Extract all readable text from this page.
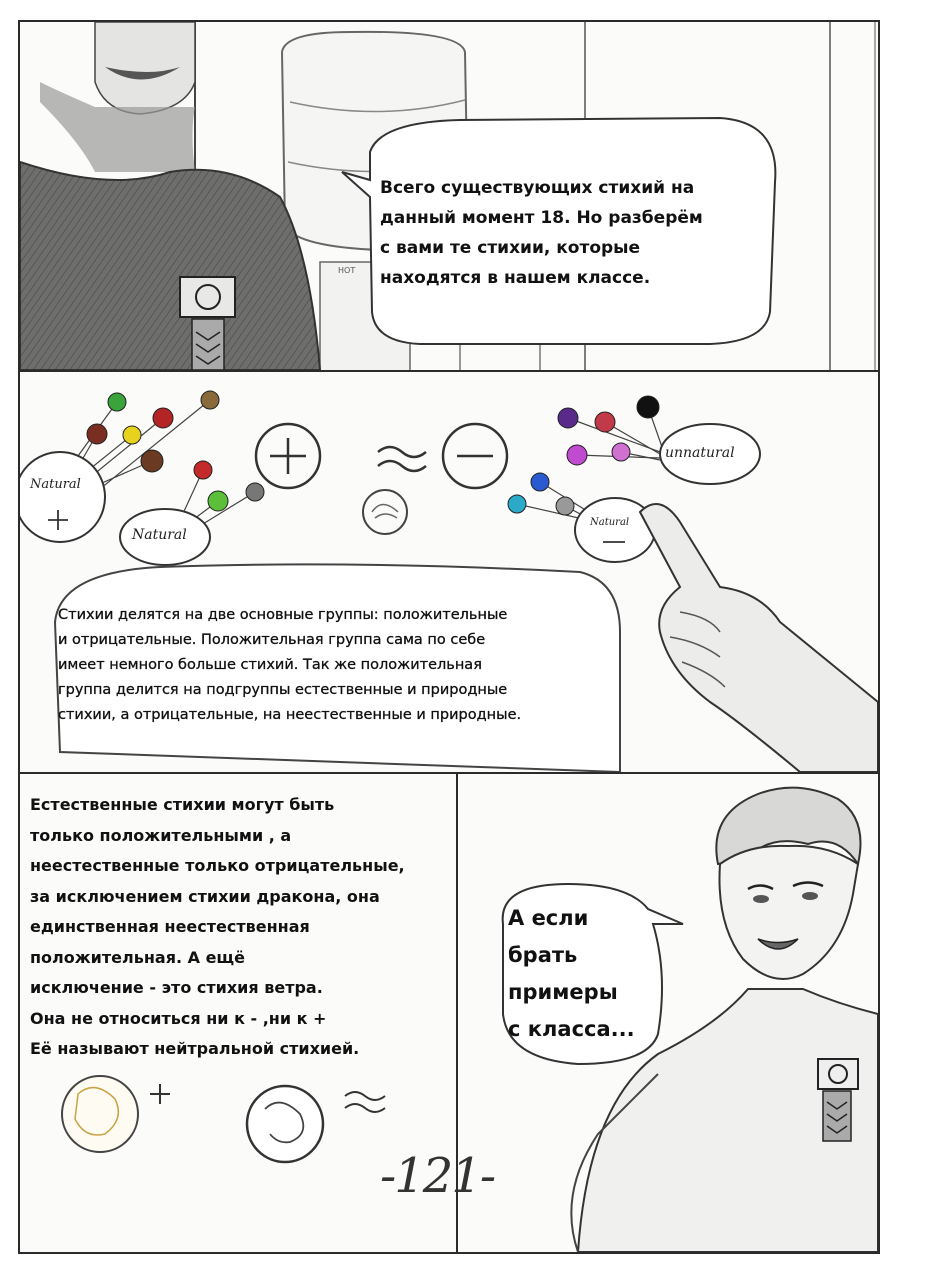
HOT
Всего существующих стихий на
данный момент 18. Но разберём
с вами те стихии, которые
находятся в нашем классе.
Natural
Natural
unnatural
Natural
Стихии делятся на две основные группы: положительные
и отрицательные. Положительная группа сама по себе
имеет немного больше стихий. Так же положительная
группа делится на подгруппы естественные и природные
стихии, а отрицательные, на неестественные и природные.
Естественные стихии могут быть
только положительными , а
неестественные только отрицательные,
за исключением стихии дракона, она
единственная неестественная
положительная. А ещё
исключение - это стихия ветра.
Она не относиться ни к - ,ни к +
Её называют нейтральной стихией.
А если
брать
примеры
с класса...
-121-
